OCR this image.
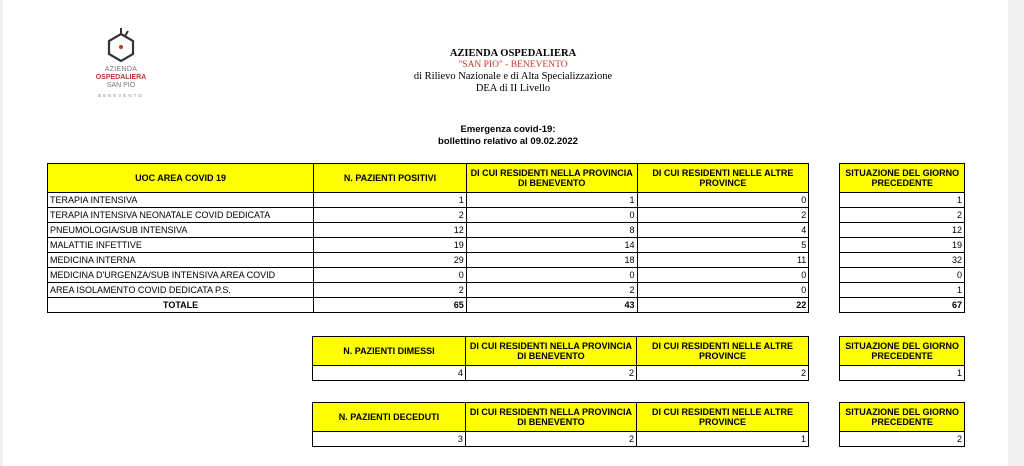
AZIENDA
OSPEDALIERA
SAN PIO
BENEVENTO
AZIENDA OSPEDALIERA
"SAN PIO" - BENEVENTO
di Rilievo Nazionale e di Alta Specializzazione
DEA di II Livello
Emergenza covid-19:
bollettino relativo al 09.02.2022
UOC AREA COVID 19	N. PAZIENTI POSITIVI	DI CUI RESIDENTI NELLA PROVINCIA DI BENEVENTO	DI CUI RESIDENTI NELLE ALTRE PROVINCE		SITUAZIONE DEL GIORNO PRECEDENTE
TERAPIA INTENSIVA	1	1	0		1
TERAPIA INTENSIVA NEONATALE COVID DEDICATA	2	0	2		2
PNEUMOLOGIA/SUB INTENSIVA	12	8	4		12
MALATTIE INFETTIVE	19	14	5		19
MEDICINA INTERNA	29	18	11		32
MEDICINA D'URGENZA/SUB INTENSIVA AREA COVID	0	0	0		0
AREA ISOLAMENTO COVID DEDICATA P.S.	2	2	0		1
TOTALE	65	43	22		67
N. PAZIENTI DIMESSI	DI CUI RESIDENTI NELLA PROVINCIA DI BENEVENTO	DI CUI RESIDENTI NELLE ALTRE PROVINCE		SITUAZIONE DEL GIORNO PRECEDENTE
4	2	2		1
N. PAZIENTI DECEDUTI	DI CUI RESIDENTI NELLA PROVINCIA DI BENEVENTO	DI CUI RESIDENTI NELLE ALTRE PROVINCE		SITUAZIONE DEL GIORNO PRECEDENTE
3	2	1		2
